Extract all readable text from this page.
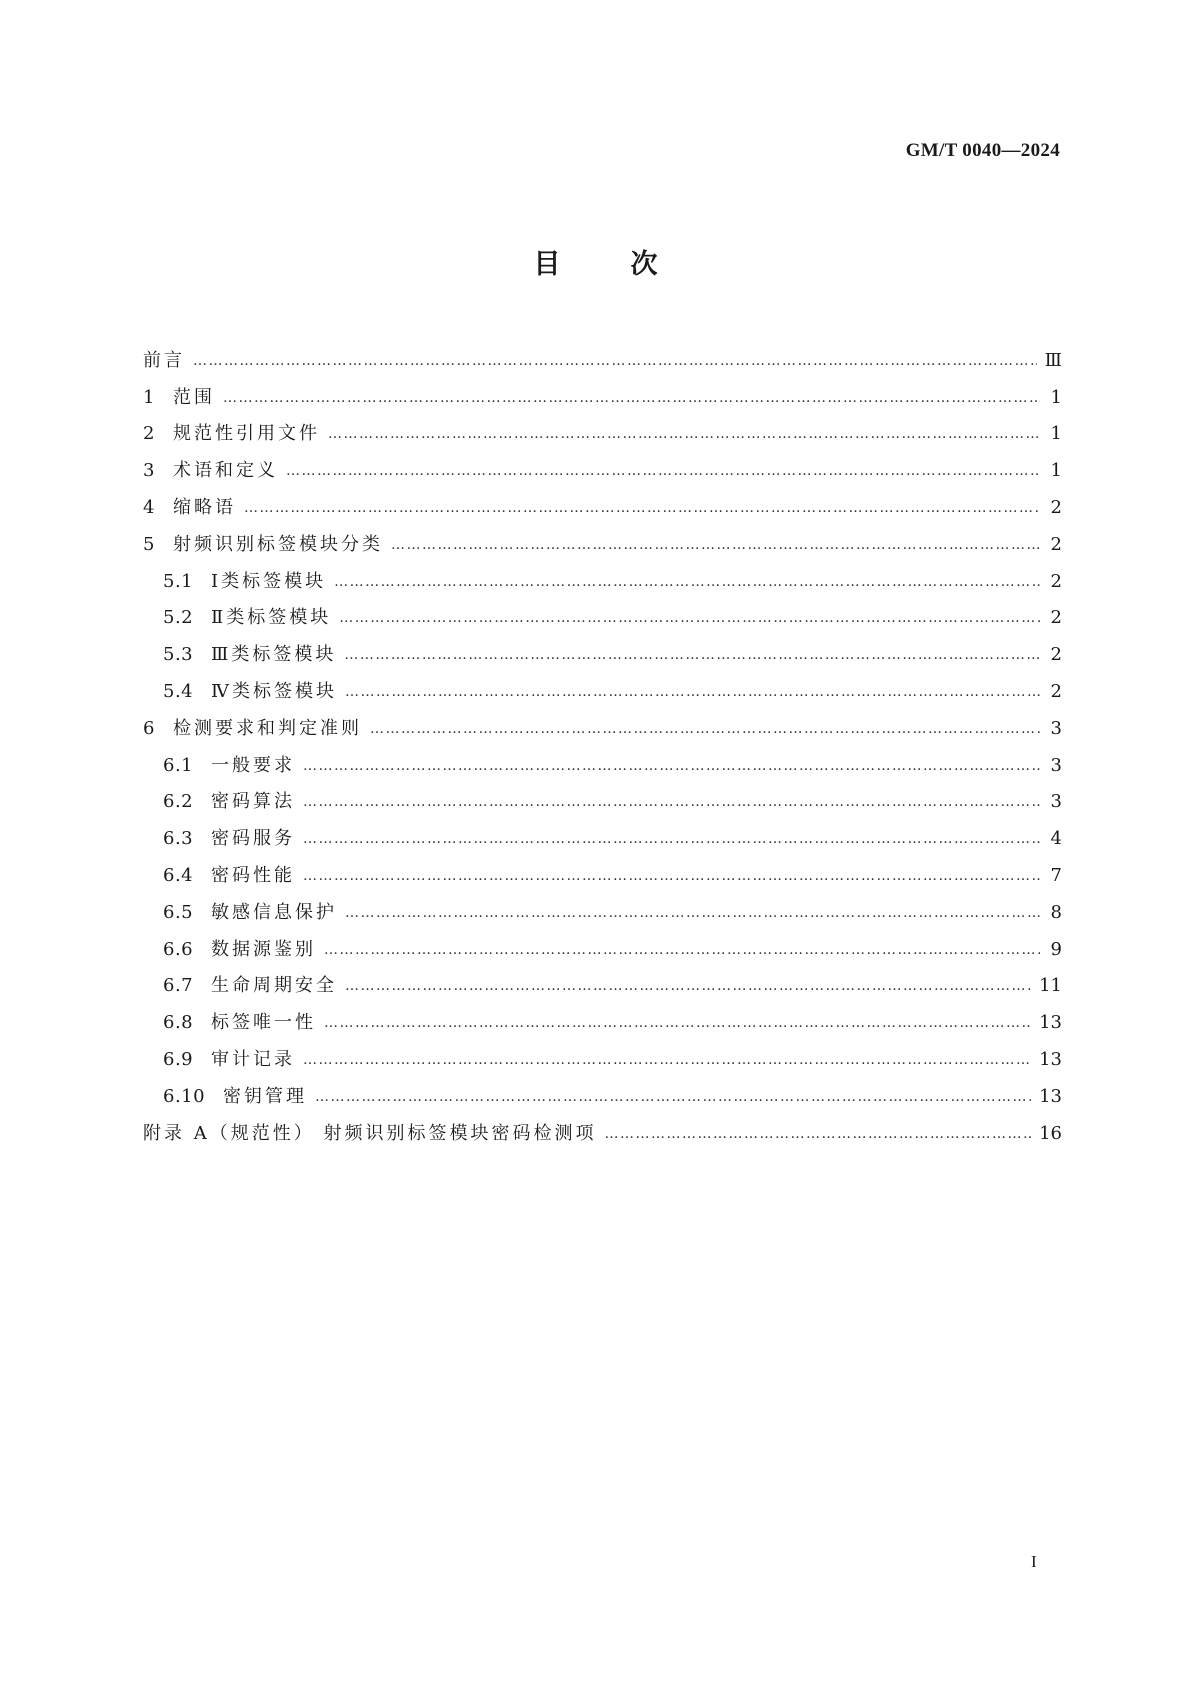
GM/T 0040—2024
目	次
前言 …………………………………………………………………………………………………………………………………………………………………………………………………………………………………………	Ⅲ
1	范围 …………………………………………………………………………………………………………………………………………………………………………………………………………………………………………	1
2	规范性引用文件 …………………………………………………………………………………………………………………………………………………………………………………………………………………………………………	1
3	术语和定义 …………………………………………………………………………………………………………………………………………………………………………………………………………………………………………	1
4	缩略语 …………………………………………………………………………………………………………………………………………………………………………………………………………………………………………	2
5	射频识别标签模块分类 …………………………………………………………………………………………………………………………………………………………………………………………………………………………………………	2
5.1 Ⅰ类标签模块 …………………………………………………………………………………………………………………………………………………………………………………………………………………………………………	2
5.2 Ⅱ类标签模块 …………………………………………………………………………………………………………………………………………………………………………………………………………………………………………	2
5.3 Ⅲ类标签模块 …………………………………………………………………………………………………………………………………………………………………………………………………………………………………………	2
5.4 Ⅳ类标签模块 …………………………………………………………………………………………………………………………………………………………………………………………………………………………………………	2
6	检测要求和判定准则 …………………………………………………………………………………………………………………………………………………………………………………………………………………………………………	3
6.1 一般要求 …………………………………………………………………………………………………………………………………………………………………………………………………………………………………………	3
6.2 密码算法 …………………………………………………………………………………………………………………………………………………………………………………………………………………………………………	3
6.3 密码服务 …………………………………………………………………………………………………………………………………………………………………………………………………………………………………………	4
6.4 密码性能 …………………………………………………………………………………………………………………………………………………………………………………………………………………………………………	7
6.5 敏感信息保护 …………………………………………………………………………………………………………………………………………………………………………………………………………………………………………	8
6.6 数据源鉴别 …………………………………………………………………………………………………………………………………………………………………………………………………………………………………………	9
6.7 生命周期安全 …………………………………………………………………………………………………………………………………………………………………………………………………………………………………………	11
6.8 标签唯一性 …………………………………………………………………………………………………………………………………………………………………………………………………………………………………………	13
6.9 审计记录 …………………………………………………………………………………………………………………………………………………………………………………………………………………………………………	13
6.10 密钥管理 …………………………………………………………………………………………………………………………………………………………………………………………………………………………………………	13
附录 A（规范性） 射频识别标签模块密码检测项 …………………………………………………………………………………………………………………………………………………………………………………………………………………………………………	16
I
